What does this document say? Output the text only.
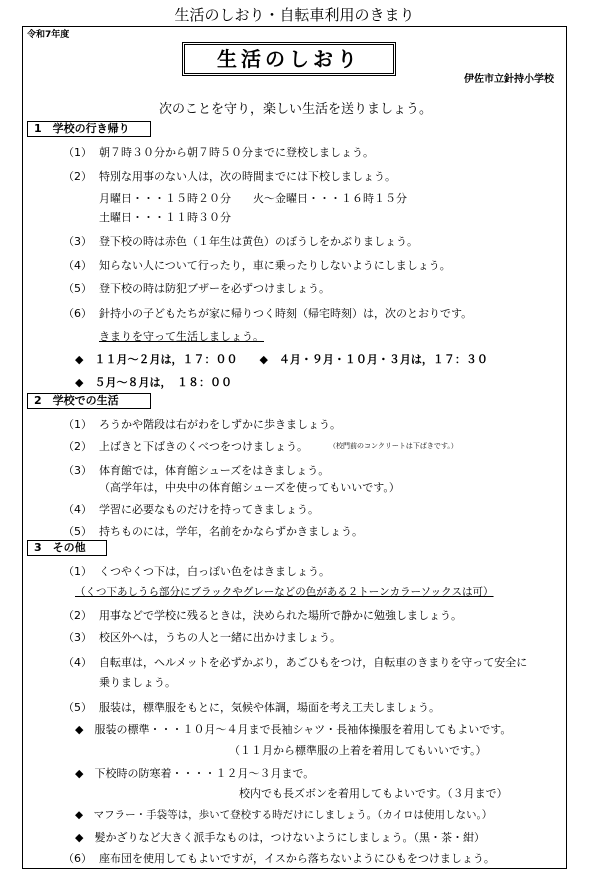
生活のしおり・自転車利用のきまり
令和7年度
生活のしおり
伊佐市立針持小学校
次のことを守り，楽しい生活を送りましょう。
1　学校の行き帰り
（1） 朝７時３０分から朝７時５０分までに登校しましょう。
（2） 特別な用事のない人は，次の時間までには下校しましょう。
月曜日・・・１５時２０分　　火〜金曜日・・・１６時１５分
土曜日・・・１１時３０分
（3） 登下校の時は赤色（１年生は黄色）のぼうしをかぶりましょう。
（4） 知らない人について行ったり，車に乗ったりしないようにしましょう。
（5） 登下校の時は防犯ブザーを必ずつけましょう。
（6） 針持小の子どもたちが家に帰りつく時刻（帰宅時刻）は，次のとおりです。
きまりを守って生活しましょう。
◆　１１月〜２月は，１７：００　　◆　４月・９月・１０月・３月は，１７：３０
◆　５月〜８月は，　１８：００
2　学校での生活
（1） ろうかや階段は右がわをしずかに歩きましょう。
（2） 上ばきと下ばきのくべつをつけましょう。	（校門前のコンクリートは下ばきです。）
（3） 体育館では，体育館シューズをはきましょう。
（高学年は，中央中の体育館シューズを使ってもいいです。）
（4） 学習に必要なものだけを持ってきましょう。
（5） 持ちものには，学年，名前をかならずかきましょう。
3　その他
（1） くつやくつ下は，白っぽい色をはきましょう。
（くつ下あしうら部分にブラックやグレーなどの色がある２トーンカラーソックスは可）
（2） 用事などで学校に残るときは，決められた場所で静かに勉強しましょう。
（3） 校区外へは，うちの人と一緒に出かけましょう。
（4） 自転車は，ヘルメットを必ずかぶり，あごひもをつけ，自転車のきまりを守って安全に
乗りましょう。
（5） 服装は，標準服をもとに，気候や体調，場面を考え工夫しましょう。
◆　服装の標準・・・１０月〜４月まで長袖シャツ・長袖体操服を着用してもよいです。
（１１月から標準服の上着を着用してもいいです。）
◆　下校時の防寒着・・・・１２月〜３月まで。
校内でも長ズボンを着用してもよいです。（３月まで）
◆　マフラー・手袋等は，歩いて登校する時だけにしましょう。（カイロは使用しない。）
◆　髪かざりなど大きく派手なものは，つけないようにしましょう。（黒・茶・紺）
（6） 座布団を使用してもよいですが，イスから落ちないようにひもをつけましょう。
